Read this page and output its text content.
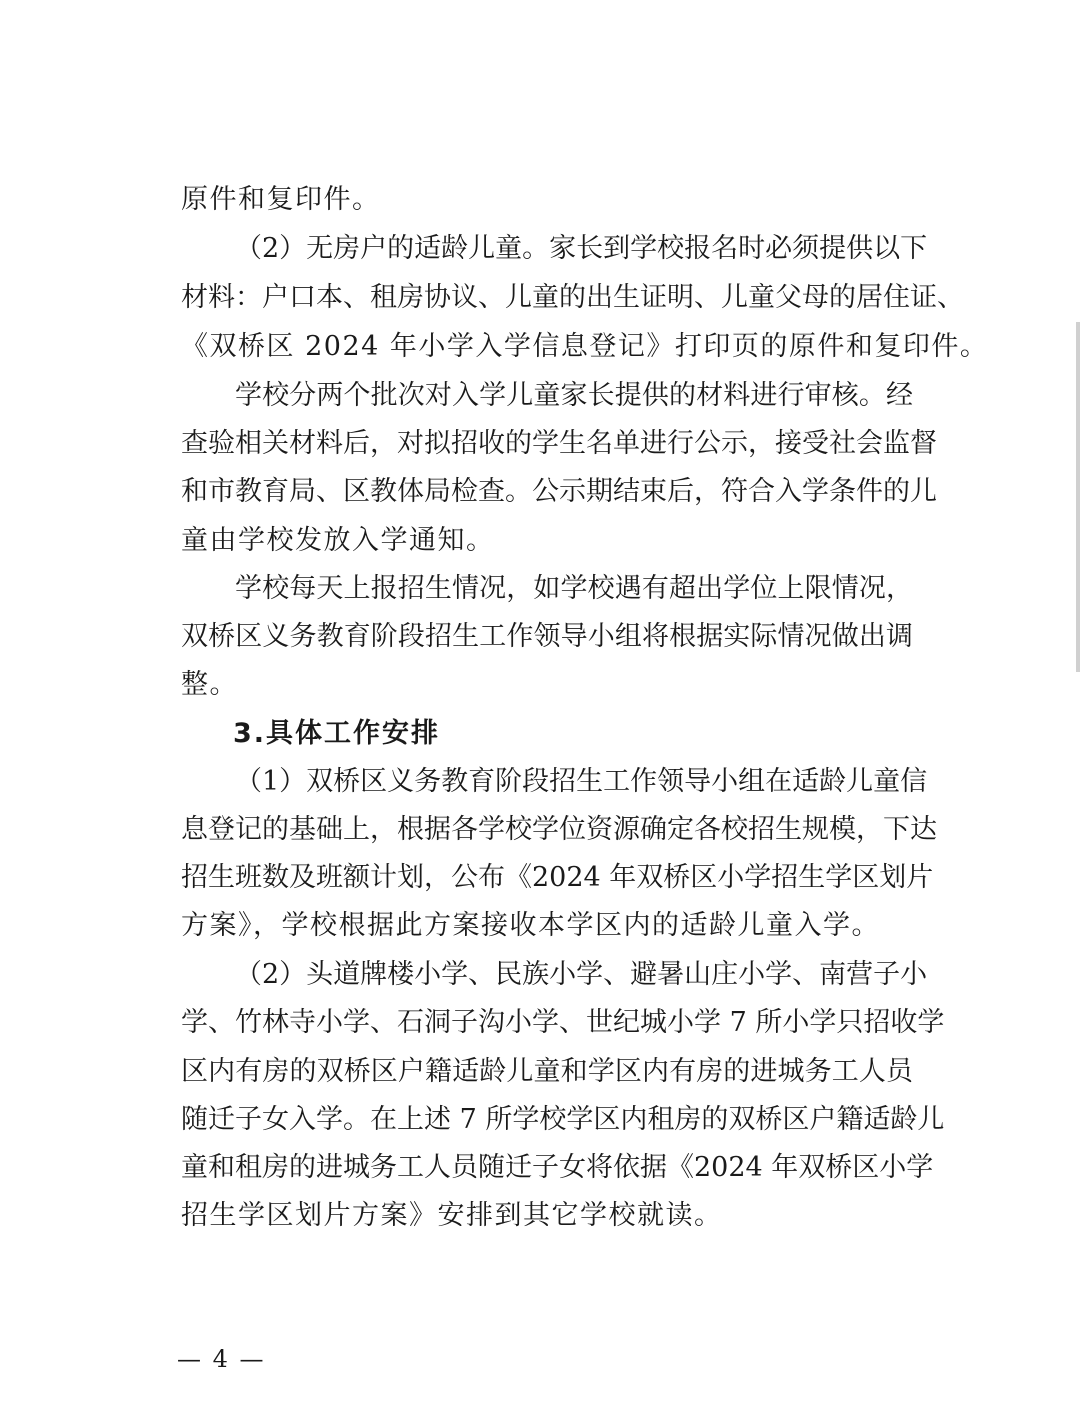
原件和复印件。
（2）无房户的适龄儿童。家长到学校报名时必须提供以下
材料：户口本、租房协议、儿童的出生证明、儿童父母的居住证、
《双桥区 2024 年小学入学信息登记》打印页的原件和复印件。
学校分两个批次对入学儿童家长提供的材料进行审核。经
查验相关材料后，对拟招收的学生名单进行公示，接受社会监督
和市教育局、区教体局检查。公示期结束后，符合入学条件的儿
童由学校发放入学通知。
学校每天上报招生情况，如学校遇有超出学位上限情况，
双桥区义务教育阶段招生工作领导小组将根据实际情况做出调
整。
3.具体工作安排
（1）双桥区义务教育阶段招生工作领导小组在适龄儿童信
息登记的基础上，根据各学校学位资源确定各校招生规模，下达
招生班数及班额计划，公布《2024 年双桥区小学招生学区划片
方案》，学校根据此方案接收本学区内的适龄儿童入学。
（2）头道牌楼小学、民族小学、避暑山庄小学、南营子小
学、竹林寺小学、石洞子沟小学、世纪城小学 7 所小学只招收学
区内有房的双桥区户籍适龄儿童和学区内有房的进城务工人员
随迁子女入学。在上述 7 所学校学区内租房的双桥区户籍适龄儿
童和租房的进城务工人员随迁子女将依据《2024 年双桥区小学
招生学区划片方案》安排到其它学校就读。
— 4 —
